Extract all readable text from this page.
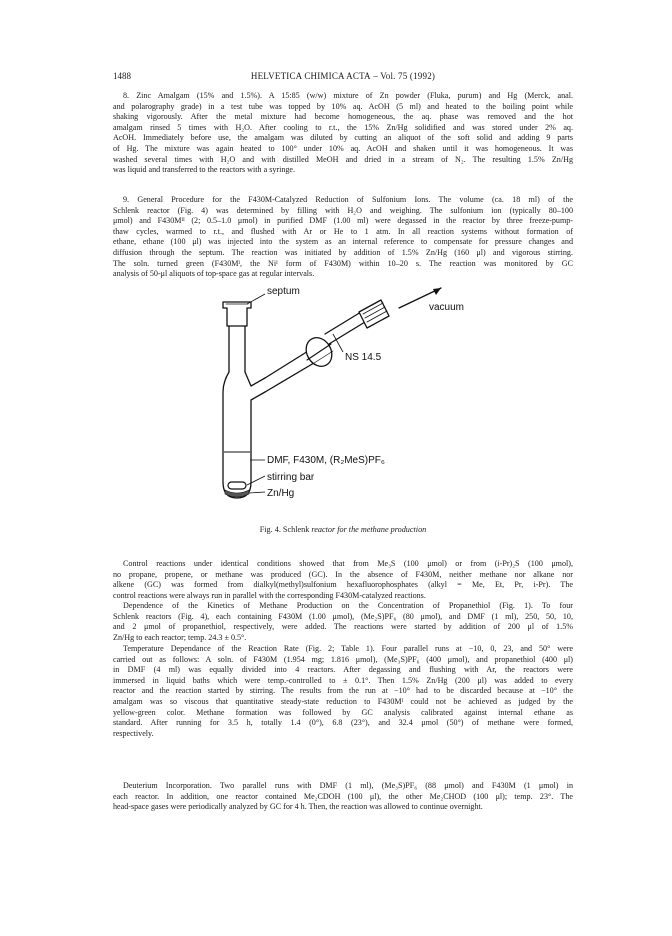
1488	HELVETICA CHIMICA ACTA – Vol. 75 (1992)
8. Zinc Amalgam (15% and 1.5%). A 15:85 (w/w) mixture of Zn powder (Fluka, purum) and Hg (Merck, anal.
and polarography grade) in a test tube was topped by 10% aq. AcOH (5 ml) and heated to the boiling point while
shaking vigorously. After the metal mixture had become homogeneous, the aq. phase was removed and the hot
amalgam rinsed 5 times with H₂O. After cooling to r.t., the 15% Zn/Hg solidified and was stored under 2% aq.
AcOH. Immediately before use, the amalgam was diluted by cutting an aliquot of the soft solid and adding 9 parts
of Hg. The mixture was again heated to 100° under 10% aq. AcOH and shaken until it was homogeneous. It was
washed several times with H₂O and with distilled MeOH and dried in a stream of N₂. The resulting 1.5% Zn/Hg
was liquid and transferred to the reactors with a syringe.
9. General Procedure for the F430M-Catalyzed Reduction of Sulfonium Ions. The volume (ca. 18 ml) of the
Schlenk reactor (Fig. 4) was determined by filling with H₂O and weighing. The sulfonium ion (typically 80–100
μmol) and F430Mᴵᴵ (2; 0.5–1.0 μmol) in purified DMF (1.00 ml) were degassed in the reactor by three freeze-pump-
thaw cycles, warmed to r.t., and flushed with Ar or He to 1 atm. In all reaction systems without formation of
ethane, ethane (100 μl) was injected into the system as an internal reference to compensate for pressure changes and
diffusion through the septum. The reaction was initiated by addition of 1.5% Zn/Hg (160 μl) and vigorous stirring.
The soln. turned green (F430Mᴵ, the Niᴵ form of F430M) within 10–20 s. The reaction was monitored by GC
analysis of 50-μl aliquots of top-space gas at regular intervals.
septum
vacuum
NS 14.5
DMF, F430M, (R₂MeS)PF₆
stirring bar
Zn/Hg
Fig. 4. Schlenk reactor for the methane production
Control reactions under identical conditions showed that from Me₃S (100 μmol) or from (i-Pr)₂S (100 μmol),
no propane, propene, or methane was produced (GC). In the absence of F430M, neither methane nor alkane nor
alkene (GC) was formed from dialkyl(methyl)sulfonium hexafluorophosphates (alkyl = Me, Et, Pr, i-Pr). The
control reactions were always run in parallel with the corresponding F430M-catalyzed reactions.
Dependence of the Kinetics of Methane Production on the Concentration of Propanethiol (Fig. 1). To four
Schlenk reactors (Fig. 4), each containing F430M (1.00 μmol), (Me₂S)PF₆ (80 μmol), and DMF (1 ml), 250, 50, 10,
and 2 μmol of propanethiol, respectively, were added. The reactions were started by addition of 200 μl of 1.5%
Zn/Hg to each reactor; temp. 24.3 ± 0.5°.
Temperature Dependance of the Reaction Rate (Fig. 2; Table 1). Four parallel runs at −10, 0, 23, and 50° were
carried out as follows: A soln. of F430M (1.954 mg; 1.816 μmol), (Me₃S)PF₆ (400 μmol), and propanethiol (400 μl)
in DMF (4 ml) was equally divided into 4 reactors. After degassing and flushing with Ar, the reactors were
immersed in liquid baths which were temp.-controlled to ± 0.1°. Then 1.5% Zn/Hg (200 μl) was added to every
reactor and the reaction started by stirring. The results from the run at −10° had to be discarded because at −10° the
amalgam was so viscous that quantitative steady-state reduction to F430Mᴵ could not be achieved as judged by the
yellow-green color. Methane formation was followed by GC analysis calibrated against internal ethane as
standard. After running for 3.5 h, totally 1.4 (0°), 6.8 (23°), and 32.4 μmol (50°) of methane were formed,
respectively.
Deuterium Incorporation. Two parallel runs with DMF (1 ml), (Me₃S)PF₆ (88 μmol) and F430M (1 μmol) in
each reactor. In addition, one reactor contained Me₂CDOH (100 μl), the other Me₂CHOD (100 μl); temp. 23°. The
head-space gases were periodically analyzed by GC for 4 h. Then, the reaction was allowed to continue overnight.
